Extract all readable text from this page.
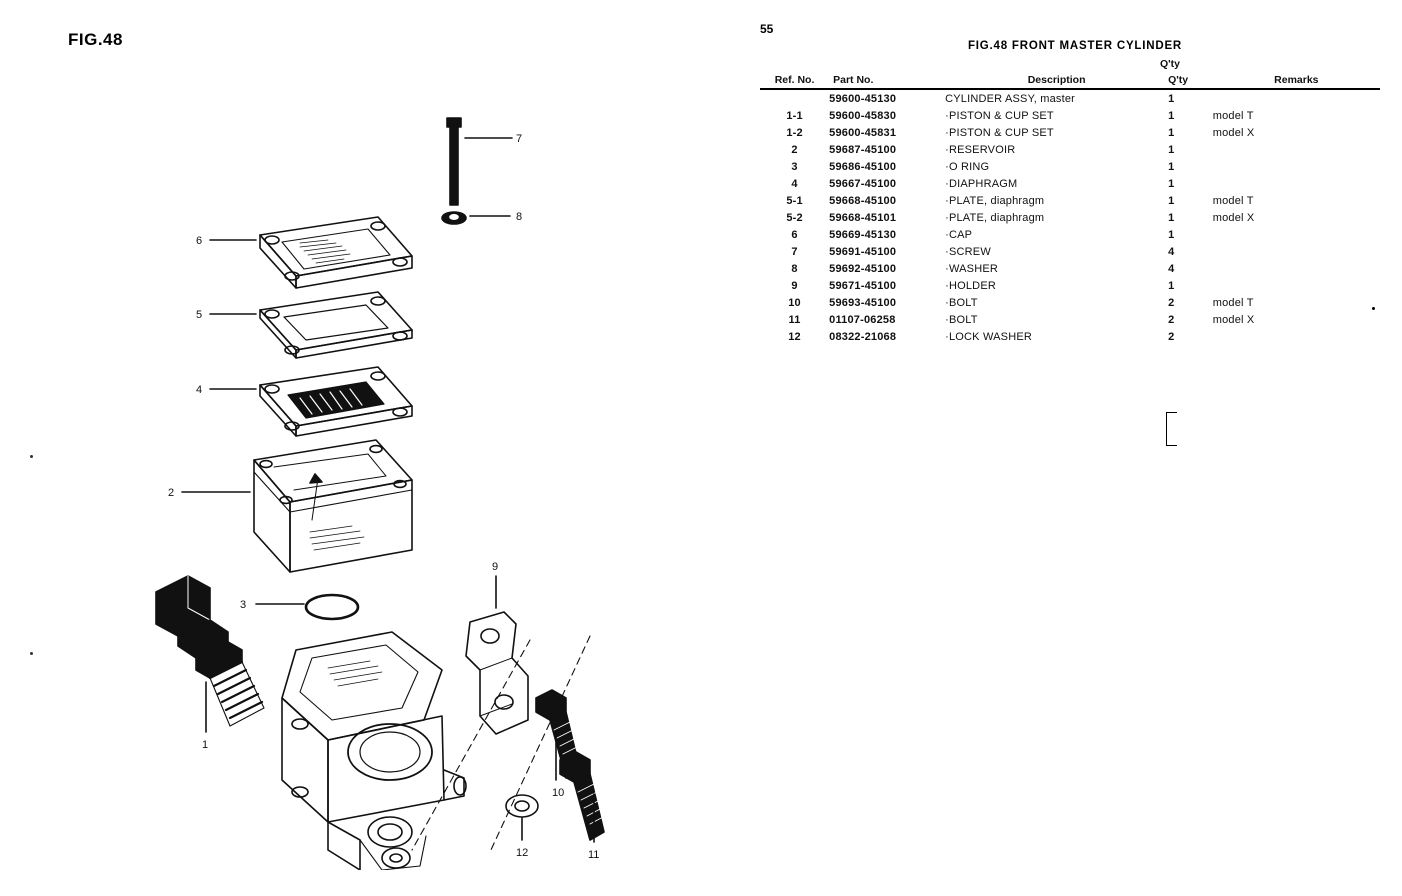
FIG.48
55
7
8
6
5
4
2
3
1
9
10
11
12
FIG.48 FRONT MASTER CYLINDER
Q'ty
Ref. No.	Part No.	Description	Q'ty	Remarks
	59600-45130	CYLINDER ASSY, master	1	
1-1	59600-45830	·PISTON & CUP SET	1	model T
1-2	59600-45831	·PISTON & CUP SET	1	model X
2	59687-45100	·RESERVOIR	1	
3	59686-45100	·O RING	1	
4	59667-45100	·DIAPHRAGM	1	
5-1	59668-45100	·PLATE, diaphragm	1	model T
5-2	59668-45101	·PLATE, diaphragm	1	model X
6	59669-45130	·CAP	1	
7	59691-45100	·SCREW	4	
8	59692-45100	·WASHER	4	
9	59671-45100	·HOLDER	1	
10	59693-45100	·BOLT	2	model T
11	01107-06258	·BOLT	2	model X
12	08322-21068	·LOCK WASHER	2	
